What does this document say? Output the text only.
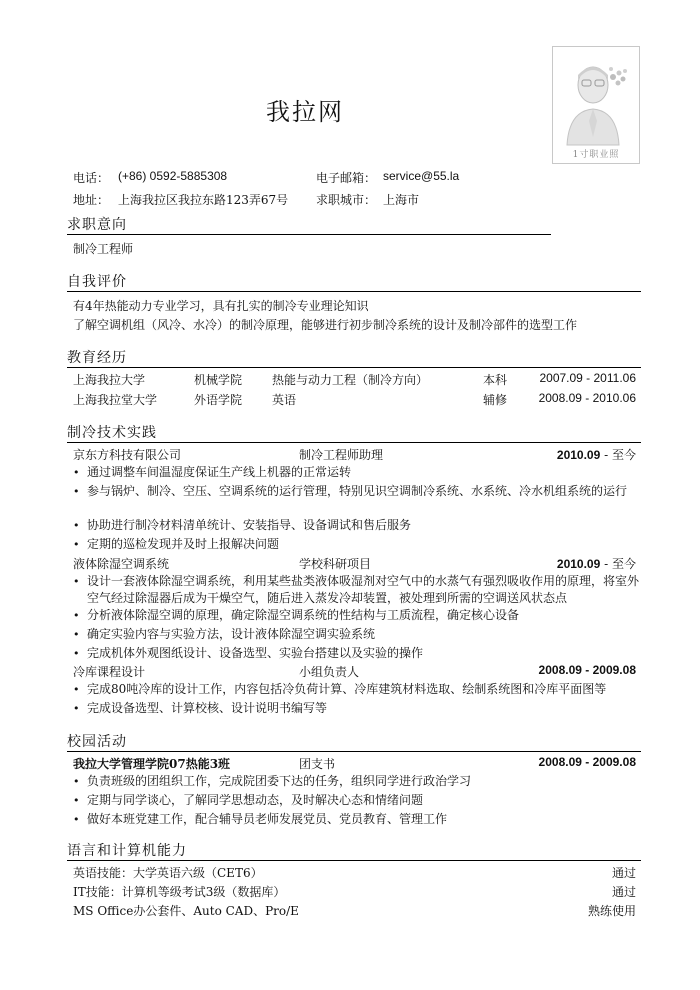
我拉网
1寸职业照
电话： (+86) 0592-5885308	电子邮箱： service@55.la
地址： 上海我拉区我拉东路123弄67号 求职城市： 上海市
求职意向
制冷工程师
自我评价
有4年热能动力专业学习，具有扎实的制冷专业理论知识
了解空调机组（风冷、水冷）的制冷原理，能够进行初步制冷系统的设计及制冷部件的选型工作
教育经历
上海我拉大学	机械学院 热能与动力工程（制冷方向）	本科	2007.09 - 2011.06
上海我拉堂大学	外语学院 英语	辅修	2008.09 - 2010.06
制冷技术实践
京东方科技有限公司	制冷工程师助理	2010.09 - 至今
• 通过调整车间温湿度保证生产线上机器的正常运转
• 参与锅炉、制冷、空压、空调系统的运行管理，特别见识空调制冷系统、水系统、冷水机组系统的运行
• 协助进行制冷材料清单统计、安装指导、设备调试和售后服务
• 定期的巡检发现并及时上报解决问题
液体除湿空调系统	学校科研项目	2010.09 - 至今
• 设计一套液体除湿空调系统，利用某些盐类液体吸湿剂对空气中的水蒸气有强烈吸收作用的原理，将室外空气经过除湿器后成为干燥空气，随后进入蒸发冷却装置，被处理到所需的空调送风状态点
• 分析液体除湿空调的原理，确定除湿空调系统的性结构与工质流程，确定核心设备
• 确定实验内容与实验方法，设计液体除湿空调实验系统
• 完成机体外观图纸设计、设备选型、实验台搭建以及实验的操作
冷库课程设计	小组负责人	2008.09 - 2009.08
• 完成80吨冷库的设计工作，内容包括冷负荷计算、冷库建筑材料选取、绘制系统图和冷库平面图等
• 完成设备选型、计算校核、设计说明书编写等
校园活动
我拉大学管理学院07热能3班	团支书	2008.09 - 2009.08
• 负责班级的团组织工作，完成院团委下达的任务，组织同学进行政治学习
• 定期与同学谈心，了解同学思想动态，及时解决心态和情绪问题
• 做好本班党建工作，配合辅导员老师发展党员、党员教育、管理工作
语言和计算机能力
英语技能：大学英语六级（CET6）	通过
IT技能：计算机等级考试3级（数据库）	通过
MS Office办公套件、Auto CAD、Pro/E	熟练使用
